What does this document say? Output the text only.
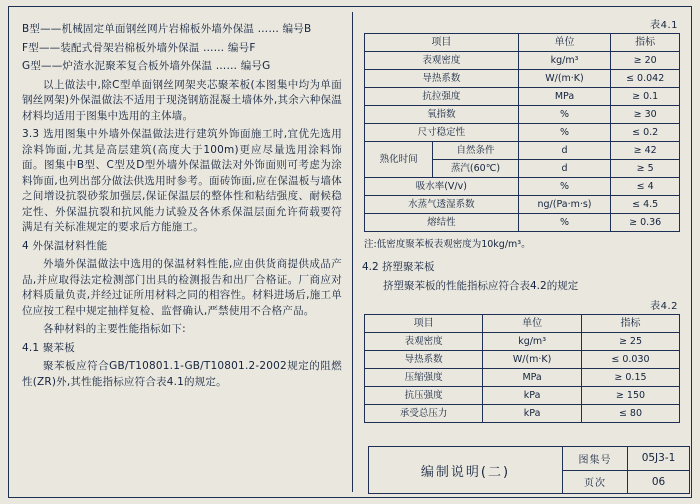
B型——机械固定单面钢丝网片岩棉板外墙外保温 …… 编号B

F型——装配式骨架岩棉板外墙外保温 …… 编号F

G型——炉渣水泥聚苯复合板外墙外保温 …… 编号G

以上做法中,除C型单面钢丝网架夹芯聚苯板(本图集中均为单面钢丝网架)外保温做法不适用于现浇钢筋混凝土墙体外,其余六种保温材料均适用于图集中选用的主体墙。

3.3 选用图集中外墙外保温做法进行建筑外饰面施工时,宜优先选用涂料饰面,尤其是高层建筑(高度大于100m)更应尽量选用涂料饰面。图集中B型、C型及D型外墙外保温做法对外饰面则可考虑为涂料饰面,也列出部分做法供选用时参考。面砖饰面,应在保温板与墙体之间增设抗裂砂浆加强层,保证保温层的整体性和粘结强度、耐候稳定性、外保温抗裂和抗风能力试验及各休系保温层面允许荷载要符满足有关标准规定的要求后方能施工。

4 外保温材料性能

外墙外保温做法中选用的保温材料性能,应由供货商提供成品产品,并应取得法定检测部门出具的检测报告和出厂合格证。厂商应对材料质量负责,并经过证所用材料之同的相容性。材料进场后,施工单位应按工程中规定抽样复检、监督确认,严禁使用不合格产品。

各种材料的主要性能指标如下:

4.1 聚苯板

聚苯板应符合GB/T10801.1-GB/T10801.2-2002规定的阻燃性(ZR)外,其性能指标应符合表4.1的规定。

表4.1
项目		单位	指标
表观密度		kg/m³	≥ 20
导热系数		W/(m·K)	≤ 0.042
抗拉强度		MPa	≥ 0.1
氧指数		%	≥ 30
尺寸稳定性		%	≤ 0.2
熟化时间	自然条件	d	≥ 42
	蒸汽(60℃)	d	≥ 5
吸水率(V/v)		%	≤ 4
水蒸气透湿系数		ng/(Pa·m·s)	≤ 4.5
熔结性		%	≥ 0.36
注:低密度聚苯板表观密度为10kg/m³。
4.2 挤塑聚苯板
挤塑聚苯板的性能指标应符合表4.2的规定
表4.2
项目	单位	指标
表观密度	kg/m³	≥ 25
导热系数	W/(m·K)	≤ 0.030
压缩强度	MPa	≥ 0.15
抗压强度	kPa	≥ 150
承受总压力	kPa	≤ 80
编制说明(二)
图集号	05J3-1
页次	06
